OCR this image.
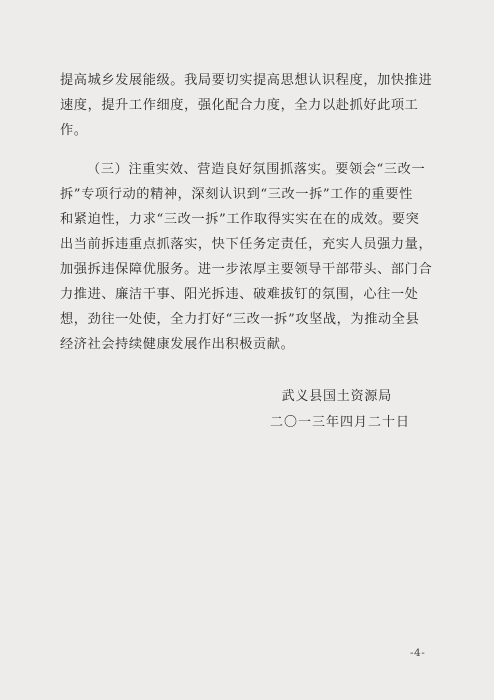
提高城乡发展能级。我局要切实提高思想认识程度，加快推进
速度，提升工作细度，强化配合力度，全力以赴抓好此项工
作。
（三）注重实效、营造良好氛围抓落实。要领会“三改一
拆”专项行动的精神，深刻认识到“三改一拆”工作的重要性
和紧迫性，力求“三改一拆”工作取得实实在在的成效。要突
出当前拆违重点抓落实，快下任务定责任，充实人员强力量，
加强拆违保障优服务。进一步浓厚主要领导干部带头、部门合
力推进、廉洁干事、阳光拆违、破难拔钉的氛围，心往一处
想，劲往一处使，全力打好“三改一拆”攻坚战，为推动全县
经济社会持续健康发展作出积极贡献。
武义县国土资源局
二〇一三年四月二十日
-4-
